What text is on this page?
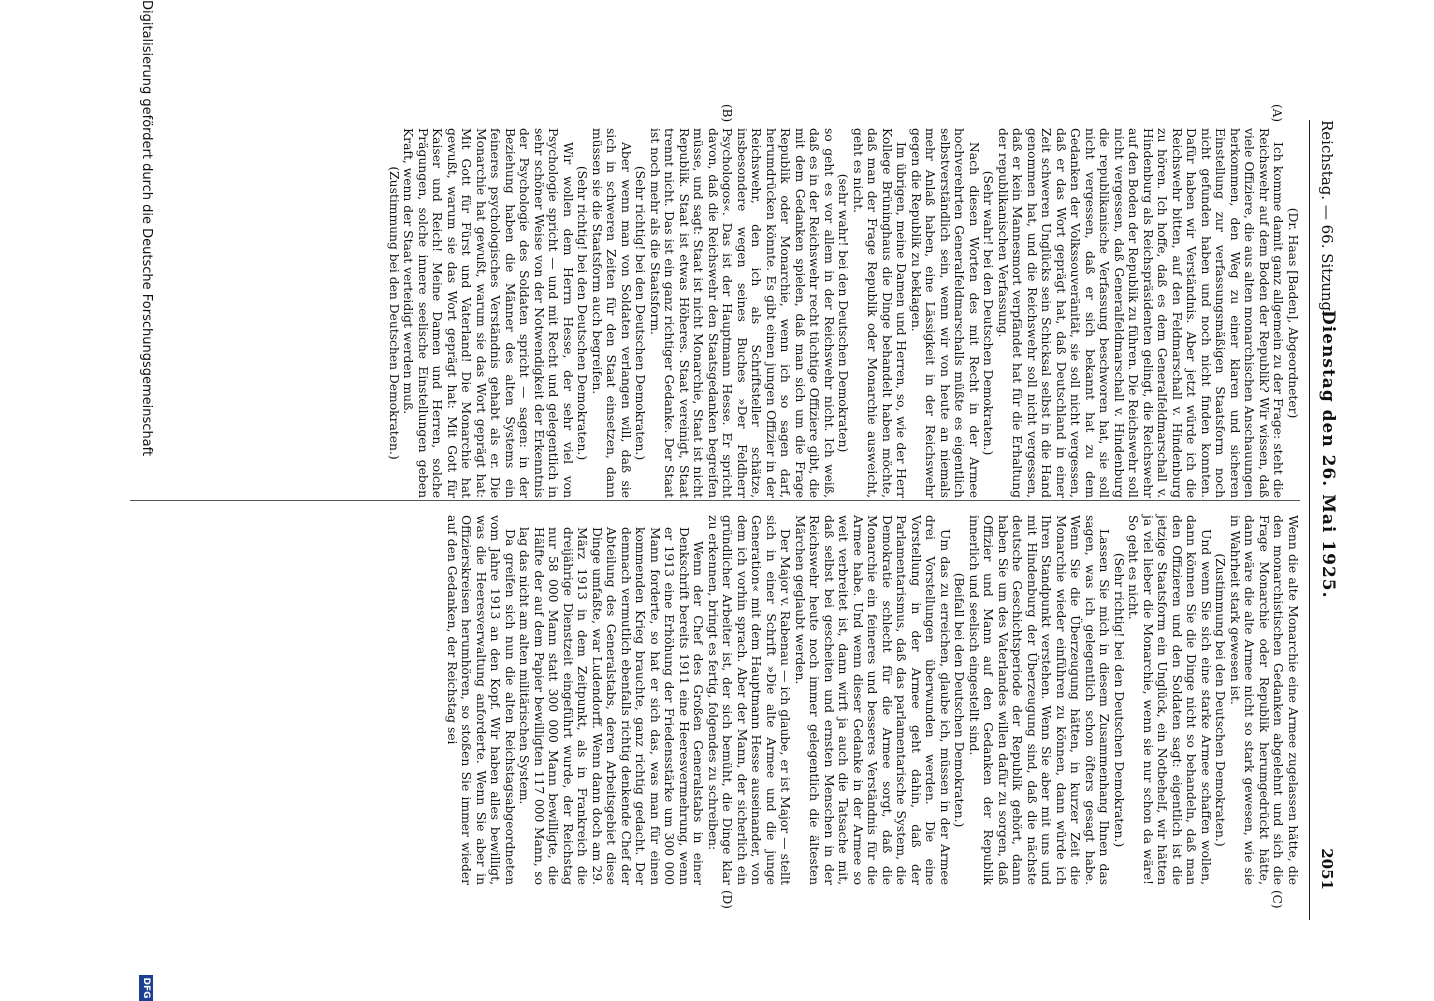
Reichstag. — 66. Sitzung.
Dienstag den 26. Mai 1925.
2051
(A)
(B)
(C)
(D)

(Dr. Haas [Baden], Abgeordneter)

Ich komme damit ganz allgemein zu der Frage: steht die Reichswehr auf dem Boden der Republik? Wir wissen, daß viele Offiziere, die aus alten monarchischen Anschauungen herkommen, den Weg zu einer klaren und sicheren Einstellung zur verfassungsmäßigen Staatsform noch nicht gefunden haben und noch nicht finden konnten. Dafür haben wir Verständnis. Aber jetzt würde ich die Reichswehr bitten, auf den Feldmarschall v. Hindenburg zu hören. Ich hoffe, daß es dem Generalfeldmarschall v. Hindenburg als Reichspräsidenten gelingt, die Reichswehr auf den Boden der Republik zu führen. Die Reichswehr soll nicht vergessen, daß Generalfeldmarschall v. Hindenburg die republikanische Verfassung beschworen hat, sie soll nicht vergessen, daß er sich bekannt hat zu dem Gedanken der Volkssouveränität, sie soll nicht vergessen, daß er das Wort geprägt hat, daß Deutschland in einer Zeit schweren Unglücks sein Schicksal selbst in die Hand genommen hat, und die Reichswehr soll nicht vergessen, daß er kein Mannesmort verpfändet hat für die Erhaltung der republikanischen Verfassung.

(Sehr wahr! bei den Deutschen Demokraten.)

Nach diesen Worten des mit Recht in der Armee hochverehrten Generalfeldmarschalls müßte es eigentlich selbstverständlich sein, wenn wir von heute an niemals mehr Anlaß haben, eine Lässigkeit in der Reichswehr gegen die Republik zu beklagen.

Im übrigen, meine Damen und Herren, so, wie der Herr Kollege Brüninghaus die Dinge behandelt haben möchte, daß man der Frage Republik oder Monarchie ausweicht, geht es nicht.

(sehr wahr! bei den Deutschen Demokraten)

so geht es vor allem in der Reichswehr nicht. Ich weiß, daß es in der Reichswehr recht tüchtige Offiziere gibt, die mit dem Gedanken spielen, daß man sich um die Frage Republik oder Monarchie, wenn ich so sagen darf, herumdrücken könnte. Es gibt einen jungen Offizier in der Reichswehr, den ich als Schriftsteller schätze, insbesondere wegen seines Buches »Der Feldherr Psychologos«. Das ist der Hauptmann Hesse. Er spricht davon, daß die Reichswehr den Staatsgedanken begreifen müsse, und sagt: Staat ist nicht Monarchie, Staat ist nicht Republik. Staat ist etwas Höheres. Staat vereinigt, Staat trennt nicht. Das ist ein ganz richtiger Gedanke. Der Staat ist noch mehr als die Staatsform.

(Sehr richtig! bei den Deutschen Demokraten.)

Aber wenn man von Soldaten verlangen will, daß sie sich in schweren Zeiten für den Staat einsetzen, dann müssen sie die Staatsform auch begreifen.

(Sehr richtig! bei den Deutschen Demokraten.)

Wir wollen dem Herrn Hesse, der sehr viel von Psychologie spricht — und mit Recht und gelegentlich in sehr schöner Weise von der Notwendigkeit der Erkenntnis der Psychologie des Soldaten spricht — sagen: in der Beziehung haben die Männer des alten Systems ein feineres psychologisches Verständnis gehabt als er. Die Monarchie hat gewußt, warum sie das Wort geprägt hat: Mit Gott für Fürst und Vaterland! Die Monarchie hat gewußt, warum sie das Wort geprägt hat: Mit Gott für Kaiser und Reich! Meine Damen und Herren, solche Prägungen, solche innere seelische Einstellungen geben Kraft, wenn der Staat verteidigt werden muß.

(Zustimmung bei den Deutschen Demokraten.)

Wenn die alte Monarchie eine Armee zugelassen hätte, die den monarchistischen Gedanken abgelehnt und sich die Frage Monarchie oder Republik herumgedrückt hätte, dann wäre die alte Armee nicht so stark gewesen, wie sie in Wahrheit stark gewesen ist.

(Zustimmung bei den Deutschen Demokraten.)

Und wenn Sie sich eine starke Armee schaffen wollen, dann können Sie die Dinge nicht so behandeln, daß man den Offizieren und den Soldaten sagt: eigentlich ist die jetzige Staatsform ein Unglück, ein Notbehelf, wir hätten ja viel lieber die Monarchie, wenn sie nur schon da wäre! So geht es nicht.

(Sehr richtig! bei den Deutschen Demokraten.)

Lassen Sie mich in diesem Zusammenhang Ihnen das sagen, was ich gelegentlich schon öfters gesagt habe. Wenn Sie die Überzeugung hätten, in kurzer Zeit die Monarchie wieder einführen zu können, dann würde ich Ihren Standpunkt verstehen. Wenn Sie aber mit uns und mit Hindenburg der Überzeugung sind, daß die nächste deutsche Geschichtsperiode der Republik gehört, dann haben Sie um des Vaterlandes willen dafür zu sorgen, daß Offizier und Mann auf den Gedanken der Republik innerlich und seelisch eingestellt sind.

(Beifall bei den Deutschen Demokraten.)

Um das zu erreichen, glaube ich, müssen in der Armee drei Vorstellungen überwunden werden. Die eine Vorstellung in der Armee geht dahin, daß der Parlamentarismus, daß das parlamentarische System, die Demokratie schlecht für die Armee sorgt, daß die Monarchie ein feineres und besseres Verständnis für die Armee habe. Und wenn dieser Gedanke in der Armee so weit verbreitet ist, dann wirft ja auch die Tatsache mit, daß selbst bei gescheiten und ernsten Menschen in der Reichswehr heute noch immer gelegentlich die ältesten Märchen geglaubt werden.

Der Major v. Rabenau — ich glaube, er ist Major — stellt sich in einer Schrift »Die alte Armee und die junge Generation« mit dem Hauptmann Hesse auseinander, von dem ich vorhin sprach. Aber der Mann, der sicherlich ein gründlicher Arbeiter ist, der sich bemüht, die Dinge klar zu erkennen, bringt es fertig, folgendes zu schreiben:

Wenn der Chef des Großen Generalstabs in einer Denkschrift bereits 1911 eine Heeresvermehrung, wenn er 1913 eine Erhöhung der Friedensstärke um 300 000 Mann forderte, so hat er sich das, was man für einen kommenden Krieg brauchte, ganz richtig gedacht. Der demnach vermutlich ebenfalls richtig denkende Chef der Abteilung des Generalstabs, deren Arbeitsgebiet diese Dinge umfaßte, war Ludendorff. Wenn dann doch am 29. März 1913 in dem Zeitpunkt, als in Frankreich die dreijährige Dienstzeit eingeführt wurde, der Reichstag nur 58 000 Mann statt 300 000 Mann bewilligte, die Hälfte der auf dem Papier bewilligten 117 000 Mann, so lag das nicht am alten militärischen System.

Da greifen sich nun die alten Reichstagsabgeordneten vom Jahre 1913 an den Kopf. Wir haben alles bewilligt, was die Heeresverwaltung anforderte. Wenn Sie aber in Offizierskreisen herumhören, so stoßen Sie immer wieder auf den Gedanken, der Reichstag sei

Digitalisierung gefördert durch die Deutsche Forschungsgemeinschaft
DFG
